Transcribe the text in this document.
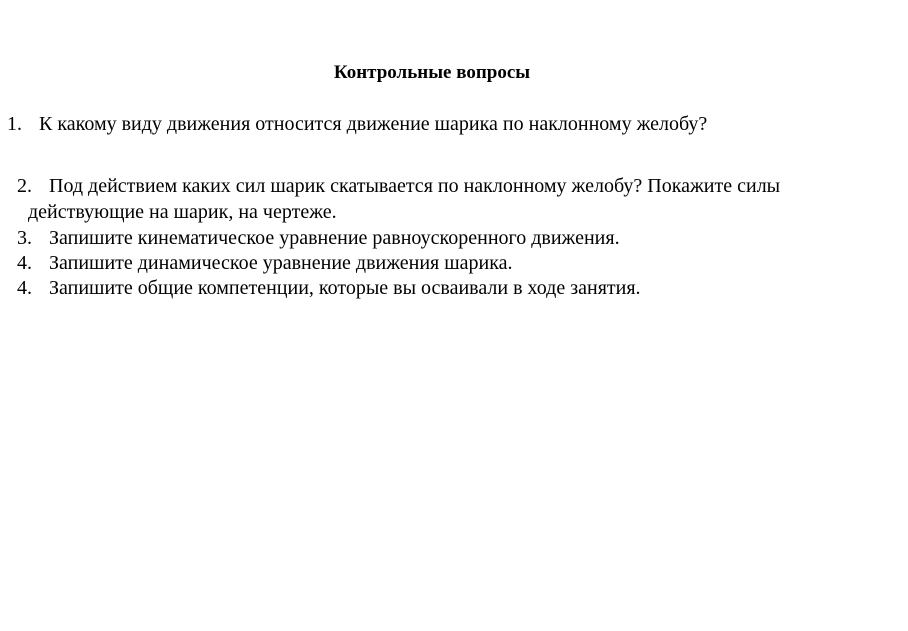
Контрольные вопросы
1. К какому виду движения относится движение шарика по наклонному желобу?
2. Под действием каких сил шарик скатывается по наклонному желобу? Покажите силы
действующие на шарик, на чертеже.
3. Запишите кинематическое уравнение равноускоренного движения.
4. Запишите динамическое уравнение движения шарика.
4. Запишите общие компетенции, которые вы осваивали в ходе занятия.
